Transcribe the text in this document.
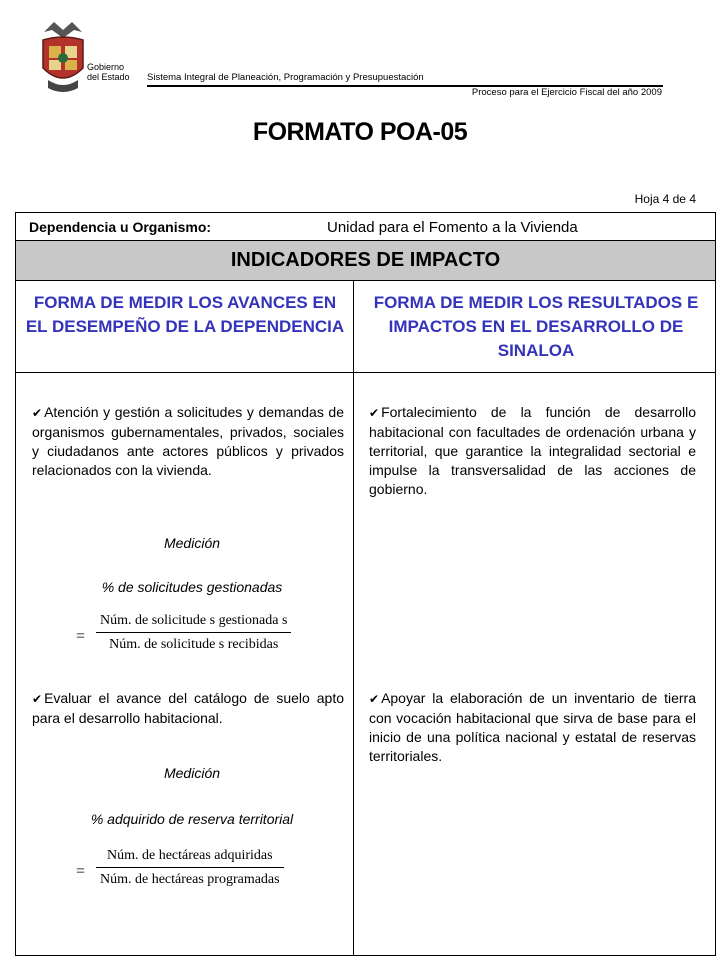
Gobierno
del Estado Sistema Integral de Planeación, Programación y Presupuestación
Proceso para el Ejercicio Fiscal del año 2009
FORMATO POA-05
Hoja 4 de 4
Dependencia u Organismo:	Unidad para el Fomento a la Vivienda
INDICADORES DE IMPACTO
FORMA DE MEDIR LOS AVANCES EN EL DESEMPEÑO DE LA DEPENDENCIA
FORMA DE MEDIR LOS RESULTADOS E IMPACTOS EN EL DESARROLLO DE SINALOA
✔ Atención y gestión a solicitudes y demandas de organismos gubernamentales, privados, sociales y ciudadanos ante actores públicos y privados relacionados con la vivienda.
Medición
% de solicitudes gestionadas
=
Núm. de solicitude s gestionada s
Núm. de solicitude s recibidas
✔ Evaluar el avance del catálogo de suelo apto para el desarrollo habitacional.
Medición
% adquirido de reserva territorial
=
Núm. de hectáreas adquiridas
Núm. de hectáreas programadas
✔ Fortalecimiento de la función de desarrollo habitacional con facultades de ordenación urbana y territorial, que garantice la integralidad sectorial e impulse la transversalidad de las acciones de gobierno.
✔ Apoyar la elaboración de un inventario de tierra con vocación habitacional que sirva de base para el inicio de una política nacional y estatal de reservas territoriales.
